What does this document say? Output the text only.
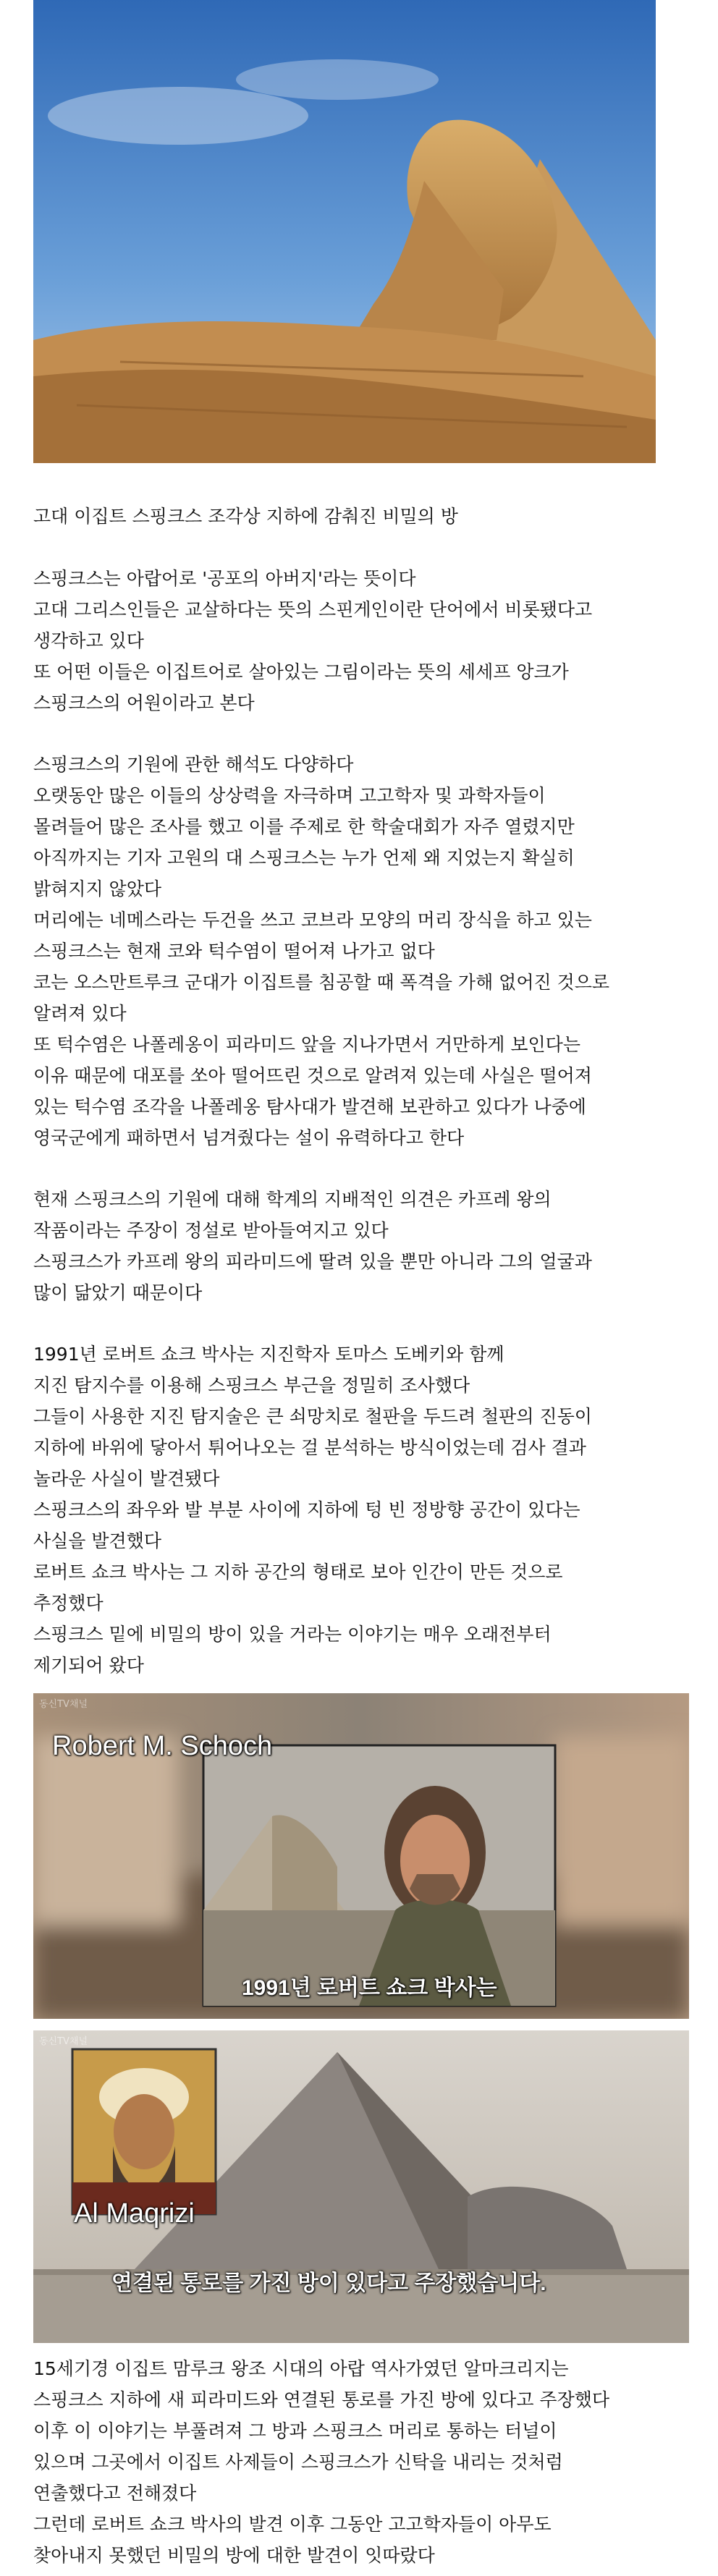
고대 이집트 스핑크스 조각상 지하에 감춰진 비밀의 방

스핑크스는 아랍어로 '공포의 아버지'라는 뜻이다
고대 그리스인들은 교살하다는 뜻의 스핀게인이란 단어에서 비롯됐다고
생각하고 있다
또 어떤 이들은 이집트어로 살아있는 그림이라는 뜻의 세세프 앙크가
스핑크스의 어원이라고 본다

스핑크스의 기원에 관한 해석도 다양하다
오랫동안 많은 이들의 상상력을 자극하며 고고학자 및 과학자들이
몰려들어 많은 조사를 했고 이를 주제로 한 학술대회가 자주 열렸지만
아직까지는 기자 고원의 대 스핑크스는 누가 언제 왜 지었는지 확실히
밝혀지지 않았다

머리에는 네메스라는 두건을 쓰고 코브라 모양의 머리 장식을 하고 있는
스핑크스는 현재 코와 턱수염이 떨어져 나가고 없다
코는 오스만트루크 군대가 이집트를 침공할 때 폭격을 가해 없어진 것으로
알려져 있다
또 턱수염은 나폴레옹이 피라미드 앞을 지나가면서 거만하게 보인다는
이유 때문에 대포를 쏘아 떨어뜨린 것으로 알려져 있는데 사실은 떨어져
있는 턱수염 조각을 나폴레옹 탐사대가 발견해 보관하고 있다가 나중에
영국군에게 패하면서 넘겨줬다는 설이 유력하다고 한다

현재 스핑크스의 기원에 대해 학계의 지배적인 의견은 카프레 왕의
작품이라는 주장이 정설로 받아들여지고 있다
스핑크스가 카프레 왕의 피라미드에 딸려 있을 뿐만 아니라 그의 얼굴과
많이 닮았기 때문이다

1991년 로버트 쇼크 박사는 지진학자 토마스 도베키와 함께
지진 탐지수를 이용해 스핑크스 부근을 정밀히 조사했다
그들이 사용한 지진 탐지술은 큰 쇠망치로 철판을 두드려 철판의 진동이
지하에 바위에 닿아서 튀어나오는 걸 분석하는 방식이었는데 검사 결과
놀라운 사실이 발견됐다
스핑크스의 좌우와 발 부분 사이에 지하에 텅 빈 정방향 공간이 있다는
사실을 발견했다
로버트 쇼크 박사는 그 지하 공간의 형태로 보아 인간이 만든 것으로
추정했다
스핑크스 밑에 비밀의 방이 있을 거라는 이야기는 매우 오래전부터
제기되어 왔다

동신TV채널
Robert M. Schoch
1991년 로버트 쇼크 박사는
동신TV채널
Al Maqrizi
연결된 통로를 가진 방이 있다고 주장했습니다.

15세기경 이집트 맘루크 왕조 시대의 아랍 역사가였던 알마크리지는
스핑크스 지하에 새 피라미드와 연결된 통로를 가진 방에 있다고 주장했다
이후 이 이야기는 부풀려져 그 방과 스핑크스 머리로 통하는 터널이
있으며 그곳에서 이집트 사제들이 스핑크스가 신탁을 내리는 것처럼
연출했다고 전해졌다
그런데 로버트 쇼크 박사의 발견 이후 그동안 고고학자들이 아무도
찾아내지 못했던 비밀의 방에 대한 발견이 잇따랐다
